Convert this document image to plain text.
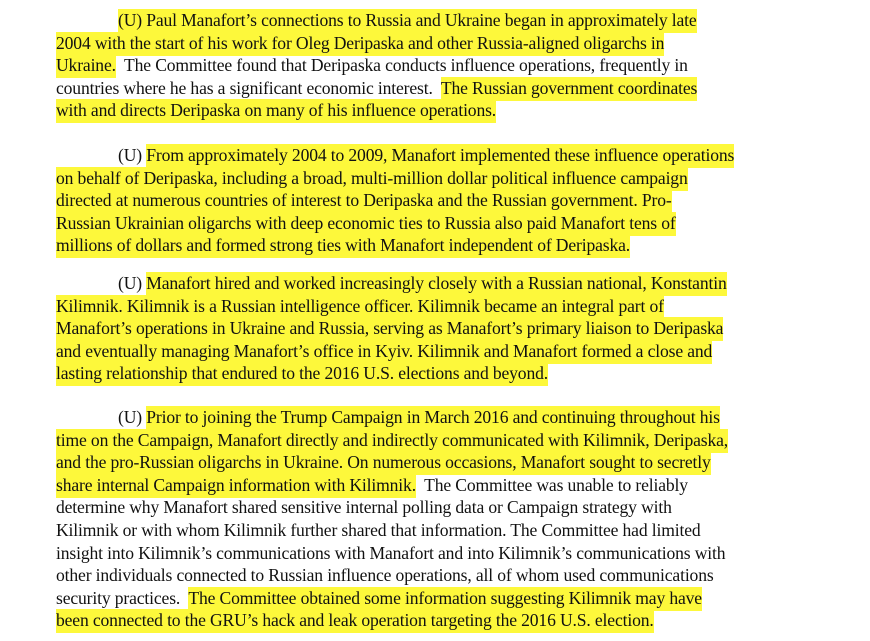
(U) Paul Manafort’s connections to Russia and Ukraine began in approximately late
2004 with the start of his work for Oleg Deripaska and other Russia-aligned oligarchs in
Ukraine.  The Committee found that Deripaska conducts influence operations, frequently in
countries where he has a significant economic interest.  The Russian government coordinates
with and directs Deripaska on many of his influence operations.

(U) From approximately 2004 to 2009, Manafort implemented these influence operations
on behalf of Deripaska, including a broad, multi-million dollar political influence campaign
directed at numerous countries of interest to Deripaska and the Russian government. Pro-
Russian Ukrainian oligarchs with deep economic ties to Russia also paid Manafort tens of
millions of dollars and formed strong ties with Manafort independent of Deripaska.

(U) Manafort hired and worked increasingly closely with a Russian national, Konstantin
Kilimnik. Kilimnik is a Russian intelligence officer. Kilimnik became an integral part of
Manafort’s operations in Ukraine and Russia, serving as Manafort’s primary liaison to Deripaska
and eventually managing Manafort’s office in Kyiv. Kilimnik and Manafort formed a close and
lasting relationship that endured to the 2016 U.S. elections and beyond.

(U) Prior to joining the Trump Campaign in March 2016 and continuing throughout his
time on the Campaign, Manafort directly and indirectly communicated with Kilimnik, Deripaska,
and the pro-Russian oligarchs in Ukraine. On numerous occasions, Manafort sought to secretly
share internal Campaign information with Kilimnik.  The Committee was unable to reliably
determine why Manafort shared sensitive internal polling data or Campaign strategy with
Kilimnik or with whom Kilimnik further shared that information. The Committee had limited
insight into Kilimnik’s communications with Manafort and into Kilimnik’s communications with
other individuals connected to Russian influence operations, all of whom used communications
security practices.  The Committee obtained some information suggesting Kilimnik may have
been connected to the GRU’s hack and leak operation targeting the 2016 U.S. election.
